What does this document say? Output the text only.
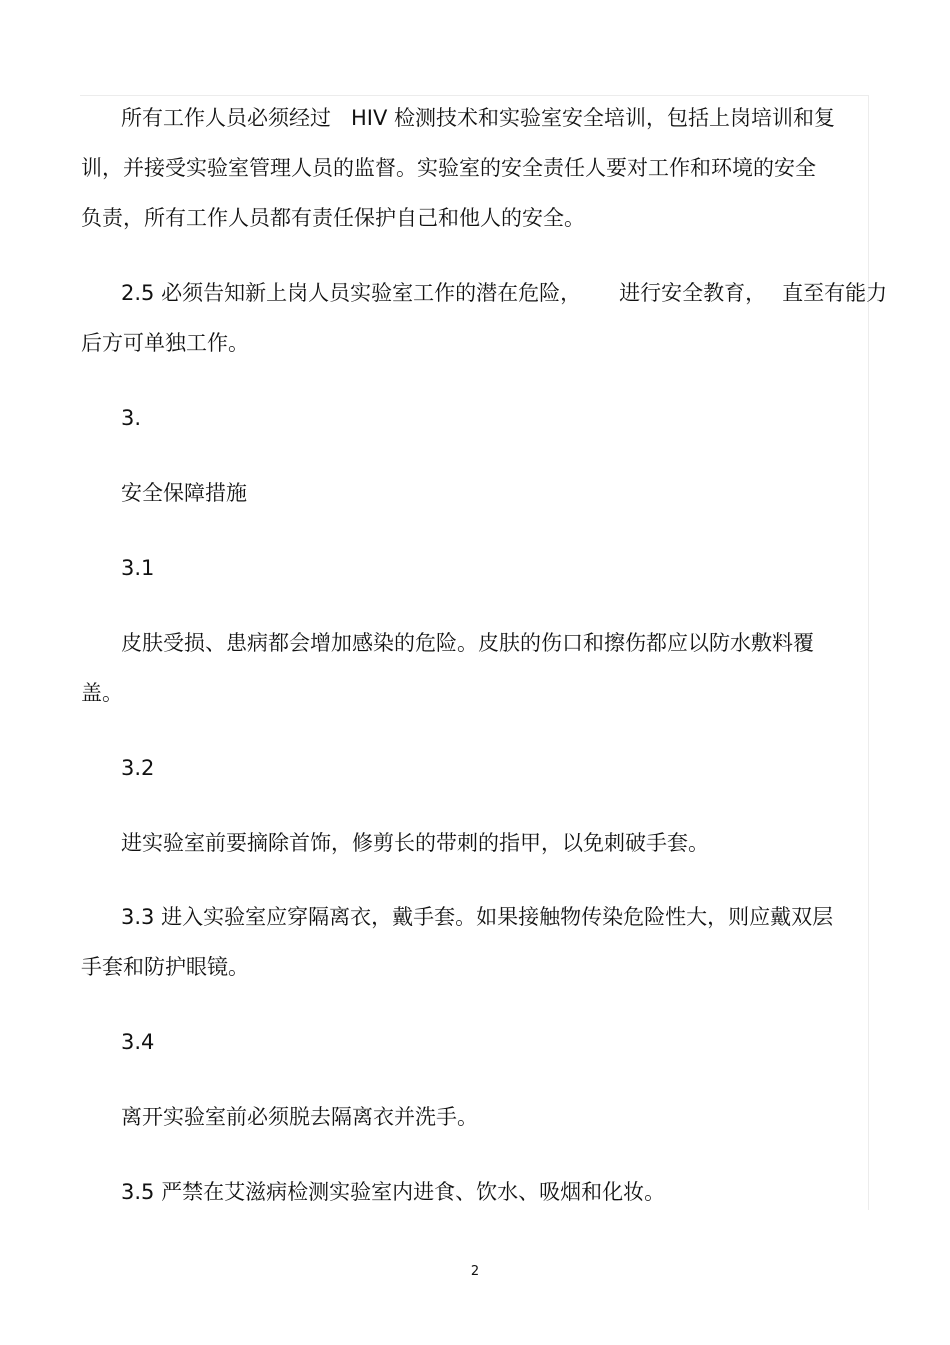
所有工作人员必须经过 HIV 检测技术和实验室安全培训，包括上岗培训和复
训，并接受实验室管理人员的监督。实验室的安全责任人要对工作和环境的安全
负责，所有工作人员都有责任保护自己和他人的安全。
2.5 必须告知新上岗人员实验室工作的潜在危险， 进行安全教育， 直至有能力
后方可单独工作。
3.
安全保障措施
3.1
皮肤受损、患病都会增加感染的危险。皮肤的伤口和擦伤都应以防水敷料覆
盖。
3.2
进实验室前要摘除首饰，修剪长的带刺的指甲，以免刺破手套。
3.3 进入实验室应穿隔离衣，戴手套。如果接触物传染危险性大，则应戴双层
手套和防护眼镜。
3.4
离开实验室前必须脱去隔离衣并洗手。
3.5 严禁在艾滋病检测实验室内进食、饮水、吸烟和化妆。
2
